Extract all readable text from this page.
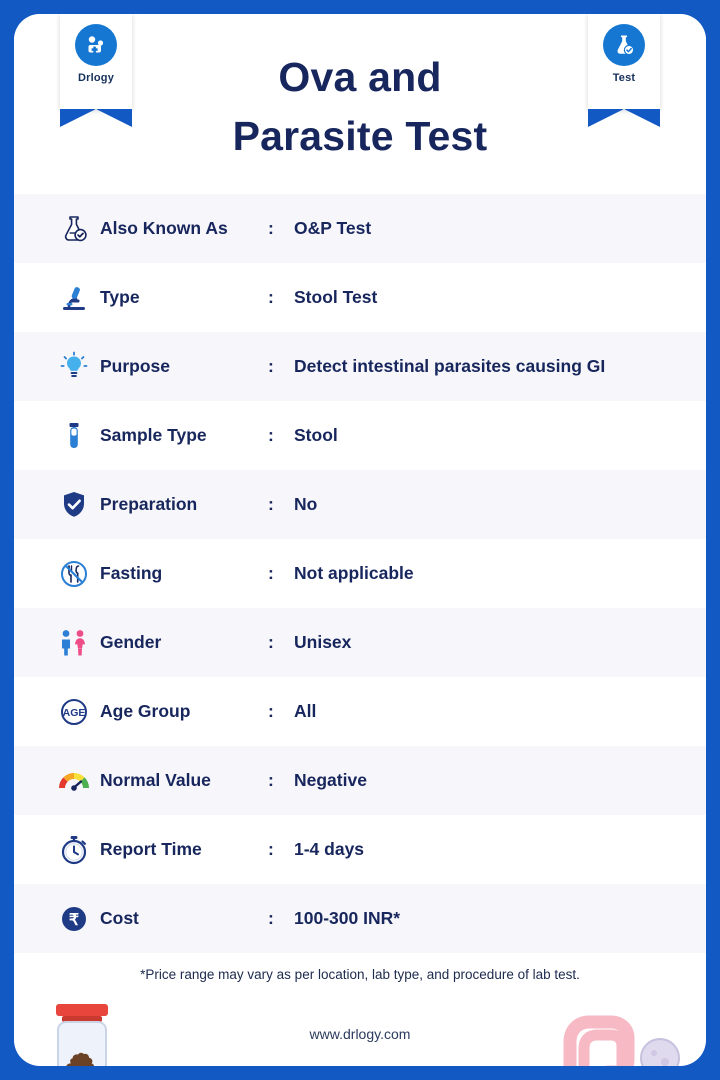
Drlogy	Ova and
Parasite Test
Test
Also Known As	:	O&P Test
Type	:	Stool Test
Purpose	:	Detect intestinal parasites causing GI
Sample Type	:	Stool
Preparation	:	No
Fasting	:	Not applicable
Gender	:	Unisex
AGE Age Group	:	All
Normal Value	:	Negative
Report Time	:	1-4 days
₹ Cost	:	100-300 INR*
*Price range may vary as per location, lab type, and procedure of lab test.
www.drlogy.com
